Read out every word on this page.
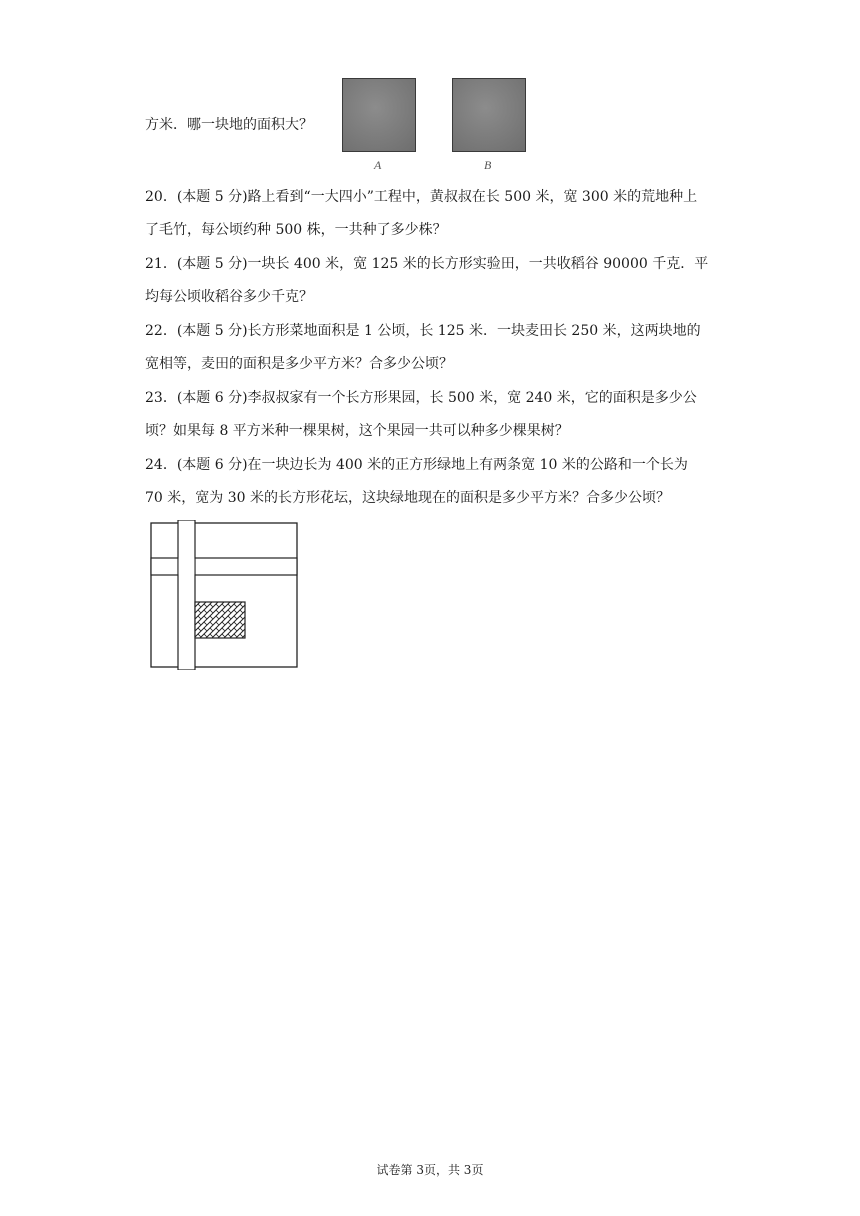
方米．哪一块地的面积大？
A	B
20．(本题 5 分)路上看到“一大四小”工程中，黄叔叔在长 500 米，宽 300 米的荒地种上
了毛竹，每公顷约种 500 株，一共种了多少株？
21．(本题 5 分)一块长 400 米，宽 125 米的长方形实验田，一共收稻谷 90000 千克．平
均每公顷收稻谷多少千克？
22．(本题 5 分)长方形菜地面积是 1 公顷，长 125 米．一块麦田长 250 米，这两块地的
宽相等，麦田的面积是多少平方米？合多少公顷？
23．(本题 6 分)李叔叔家有一个长方形果园，长 500 米，宽 240 米，它的面积是多少公
顷？如果每 8 平方米种一棵果树，这个果园一共可以种多少棵果树？
24．(本题 6 分)在一块边长为 400 米的正方形绿地上有两条宽 10 米的公路和一个长为
70 米，宽为 30 米的长方形花坛，这块绿地现在的面积是多少平方米？合多少公顷？
试卷第 3页，共 3页
